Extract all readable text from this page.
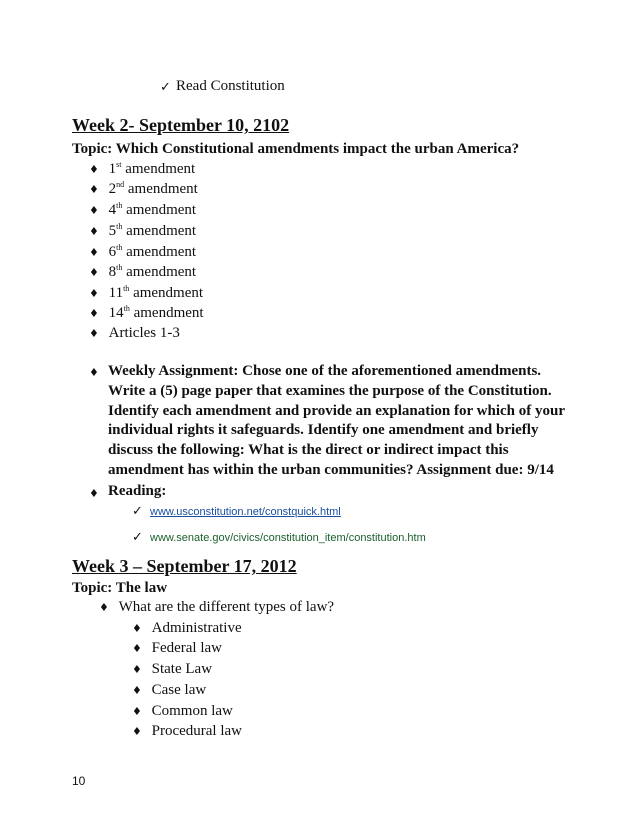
✓ Read Constitution
Week 2- September 10, 2102
Topic: Which Constitutional amendments impact the urban America?
♦ 1st amendment
♦ 2nd amendment
♦ 4th amendment
♦ 5th amendment
♦ 6th amendment
♦ 8th amendment
♦ 11th amendment
♦ 14th amendment
♦ Articles 1-3
♦ Weekly Assignment: Chose one of the aforementioned amendments.
Write a (5) page paper that examines the purpose of the Constitution.
Identify each amendment and provide an explanation for which of your
individual rights it safeguards. Identify one amendment and briefly
discuss the following: What is the direct or indirect impact this
amendment has within the urban communities? Assignment due: 9/14
♦ Reading:
✓ www.usconstitution.net/constquick.html
✓ www.senate.gov/civics/constitution_item/constitution.htm
Week 3 – September 17, 2012
Topic: The law
♦ What are the different types of law?
♦ Administrative
♦ Federal law
♦ State Law
♦ Case law
♦ Common law
♦ Procedural law
10
